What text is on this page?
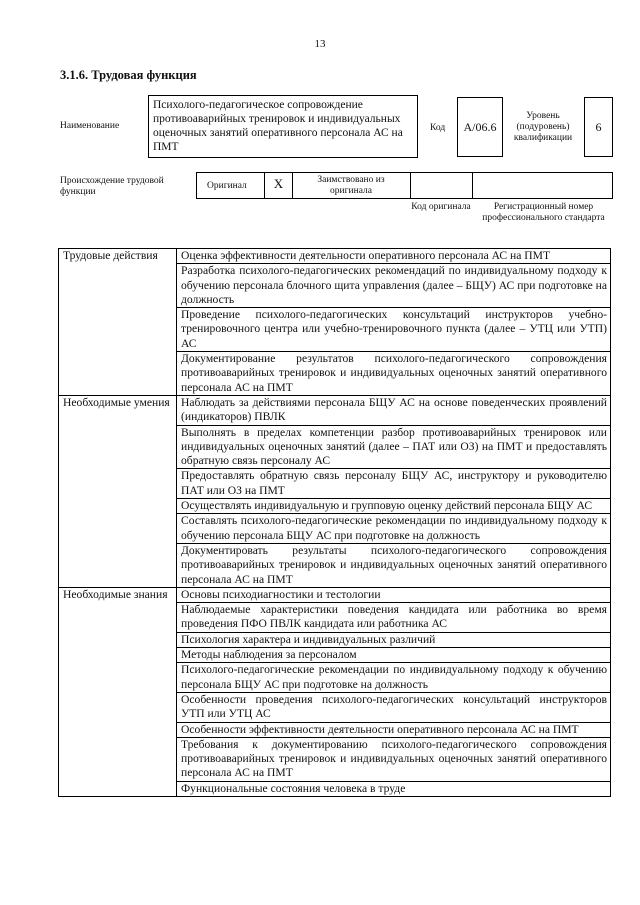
13
3.1.6. Трудовая функция
Наименование
Психолого-педагогическое сопровождение противоаварийных тренировок и индивидуальных оценочных занятий оперативного персонала АС на ПМТ
Код	A/06.6
Уровень (подуровень) квалификации
6
Происхождение трудовой функции
Оригинал	X	Заимствовано из оригинала
Код оригинала	Регистрационный номер профессионального стандарта
Трудовые действия	Оценка эффективности деятельности оперативного персонала АС на ПМТ
	Разработка психолого-педагогических рекомендаций по индивидуальному подходу к обучению персонала блочного щита управления (далее – БЩУ) АС при подготовке на должность
	Проведение психолого-педагогических консультаций инструкторов учебно-тренировочного центра или учебно-тренировочного пункта (далее – УТЦ или УТП) АС
	Документирование результатов психолого-педагогического сопровождения противоаварийных тренировок и индивидуальных оценочных занятий оперативного персонала АС на ПМТ

Необходимые умения	Наблюдать за действиями персонала БЩУ АС на основе поведенческих проявлений (индикаторов) ПВЛК
	Выполнять в пределах компетенции разбор противоаварийных тренировок или индивидуальных оценочных занятий (далее – ПАТ или ОЗ) на ПМТ и предоставлять обратную связь персоналу АС
	Предоставлять обратную связь персоналу БЩУ АС, инструктору и руководителю ПАТ или ОЗ на ПМТ
	Осуществлять индивидуальную и групповую оценку действий персонала БЩУ АС
	Составлять психолого-педагогические рекомендации по индивидуальному подходу к обучению персонала БЩУ АС при подготовке на должность
	Документировать результаты психолого-педагогического сопровождения противоаварийных тренировок и индивидуальных оценочных занятий оперативного персонала АС на ПМТ

Необходимые знания	Основы психодиагностики и тестологии
	Наблюдаемые характеристики поведения кандидата или работника во время проведения ПФО ПВЛК кандидата или работника АС
	Психология характера и индивидуальных различий
	Методы наблюдения за персоналом
	Психолого-педагогические рекомендации по индивидуальному подходу к обучению персонала БЩУ АС при подготовке на должность
	Особенности проведения психолого-педагогических консультаций инструкторов УТП или УТЦ АС
	Особенности эффективности деятельности оперативного персонала АС на ПМТ
	Требования к документированию психолого-педагогического сопровождения противоаварийных тренировок и индивидуальных оценочных занятий оперативного персонала АС на ПМТ
	Функциональные состояния человека в труде
